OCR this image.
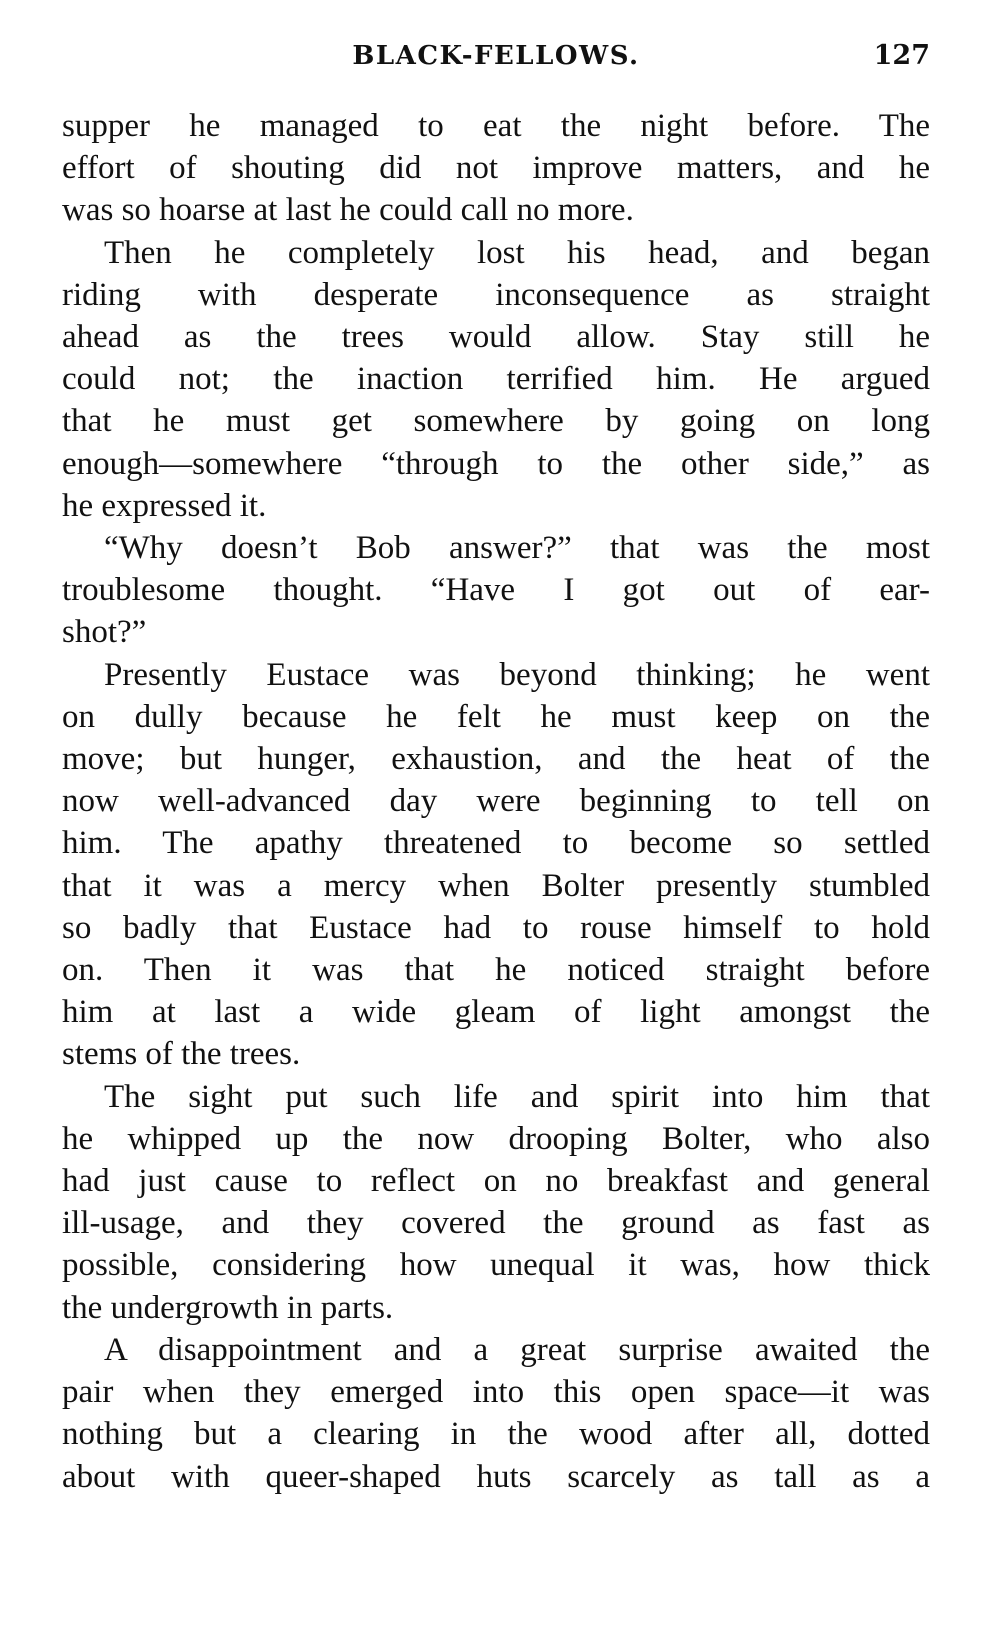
BLACK-FELLOWS.	127

supper he managed to eat the night before. The
effort of shouting did not improve matters, and he
was so hoarse at last he could call no more.

Then he completely lost his head, and began
riding with desperate inconsequence as straight
ahead as the trees would allow. Stay still he
could not; the inaction terrified him. He argued
that he must get somewhere by going on long
enough—somewhere “through to the other side,” as
he expressed it.

“Why doesn’t Bob answer?” that was the most
troublesome thought. “Have I got out of ear-
shot?”

Presently Eustace was beyond thinking; he went
on dully because he felt he must keep on the
move; but hunger, exhaustion, and the heat of the
now well-advanced day were beginning to tell on
him. The apathy threatened to become so settled
that it was a mercy when Bolter presently stumbled
so badly that Eustace had to rouse himself to hold
on. Then it was that he noticed straight before
him at last a wide gleam of light amongst the
stems of the trees.

The sight put such life and spirit into him that
he whipped up the now drooping Bolter, who also
had just cause to reflect on no breakfast and general
ill-usage, and they covered the ground as fast as
possible, considering how unequal it was, how thick
the undergrowth in parts.

A disappointment and a great surprise awaited the
pair when they emerged into this open space—it was
nothing but a clearing in the wood after all, dotted
about with queer-shaped huts scarcely as tall as a
